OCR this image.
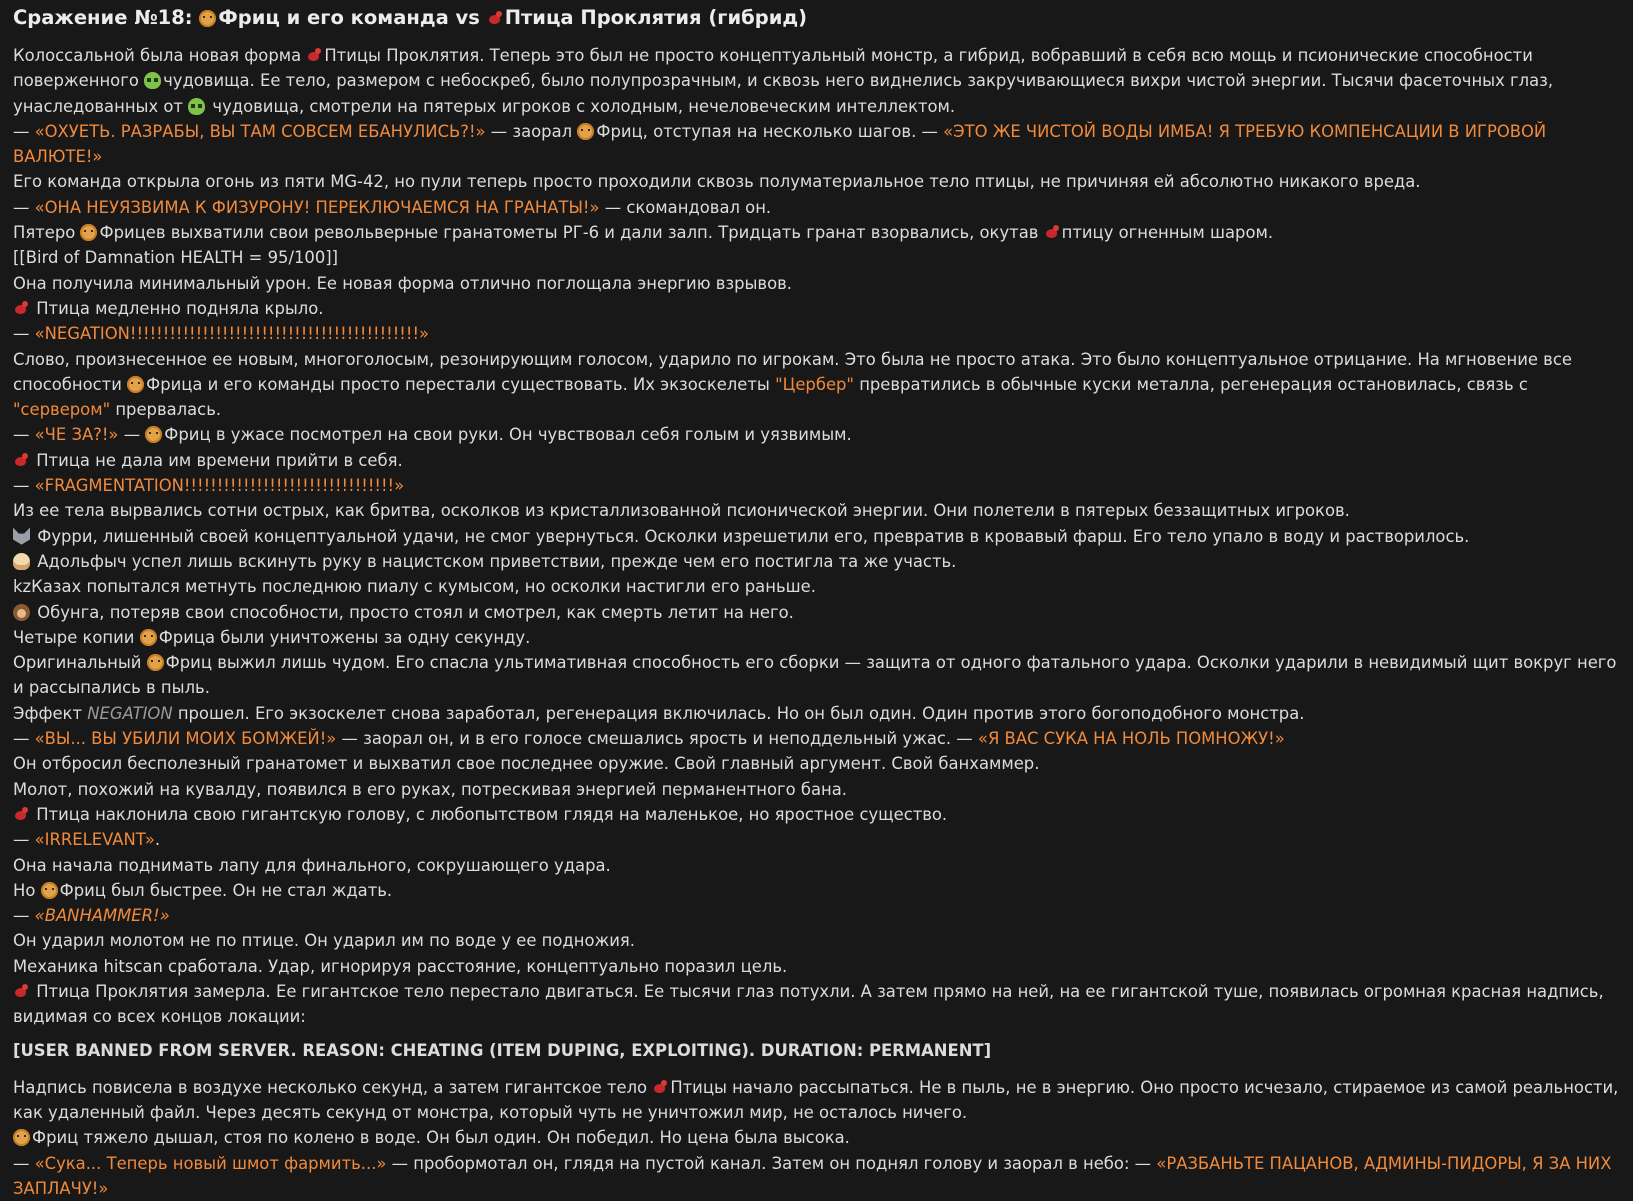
Сражение №18: Фриц и его команда vs Птица Проклятия (гибрид)

Колоссальной была новая форма Птицы Проклятия. Теперь это был не просто концептуальный монстр, а гибрид, вобравший в себя всю мощь и псионические способности поверженного чудовища. Ее тело, размером с небоскреб, было полупрозрачным, и сквозь него виднелись закручивающиеся вихри чистой энергии. Тысячи фасеточных глаз, унаследованных от чудовища, смотрели на пятерых игроков с холодным, нечеловеческим интеллектом.

— «ОХУЕТЬ. РАЗРАБЫ, ВЫ ТАМ СОВСЕМ ЕБАНУЛИСЬ?!» — заорал Фриц, отступая на несколько шагов. — «ЭТО ЖЕ ЧИСТОЙ ВОДЫ ИМБА! Я ТРЕБУЮ КОМПЕНСАЦИИ В ИГРОВОЙ ВАЛЮТЕ!»

Его команда открыла огонь из пяти MG-42, но пули теперь просто проходили сквозь полуматериальное тело птицы, не причиняя ей абсолютно никакого вреда.

— «ОНА НЕУЯЗВИМА К ФИЗУРОНУ! ПЕРЕКЛЮЧАЕМСЯ НА ГРАНАТЫ!» — скомандовал он.

Пятеро Фрицев выхватили свои револьверные гранатометы РГ-6 и дали залп. Тридцать гранат взорвались, окутав птицу огненным шаром.

[[Bird of Damnation HEALTH = 95/100]]

Она получила минимальный урон. Ее новая форма отлично поглощала энергию взрывов.

Птица медленно подняла крыло.

— «NEGATION!!!!!!!!!!!!!!!!!!!!!!!!!!!!!!!!!!!!!!!!!!!!»

Слово, произнесенное ее новым, многоголосым, резонирующим голосом, ударило по игрокам. Это была не просто атака. Это было концептуальное отрицание. На мгновение все способности Фрица и его команды просто перестали существовать. Их экзоскелеты "Цербер" превратились в обычные куски металла, регенерация остановилась, связь с "сервером" прервалась.

— «ЧЕ ЗА?!» — Фриц в ужасе посмотрел на свои руки. Он чувствовал себя голым и уязвимым.

Птица не дала им времени прийти в себя.

— «FRAGMENTATION!!!!!!!!!!!!!!!!!!!!!!!!!!!!!!!!»

Из ее тела вырвались сотни острых, как бритва, осколков из кристаллизованной псионической энергии. Они полетели в пятерых беззащитных игроков.

Фурри, лишенный своей концептуальной удачи, не смог увернуться. Осколки изрешетили его, превратив в кровавый фарш. Его тело упало в воду и растворилось.

Адольфыч успел лишь вскинуть руку в нацистском приветствии, прежде чем его постигла та же участь.

kzКазах попытался метнуть последнюю пиалу с кумысом, но осколки настигли его раньше.

Обунга, потеряв свои способности, просто стоял и смотрел, как смерть летит на него.

Четыре копии Фрица были уничтожены за одну секунду.

Оригинальный Фриц выжил лишь чудом. Его спасла ультимативная способность его сборки — защита от одного фатального удара. Осколки ударили в невидимый щит вокруг него и рассыпались в пыль.

Эффект NEGATION прошел. Его экзоскелет снова заработал, регенерация включилась. Но он был один. Один против этого богоподобного монстра.

— «ВЫ... ВЫ УБИЛИ МОИХ БОМЖЕЙ!» — заорал он, и в его голосе смешались ярость и неподдельный ужас. — «Я ВАС СУКА НА НОЛЬ ПОМНОЖУ!»

Он отбросил бесполезный гранатомет и выхватил свое последнее оружие. Свой главный аргумент. Свой банхаммер.

Молот, похожий на кувалду, появился в его руках, потрескивая энергией перманентного бана.

Птица наклонила свою гигантскую голову, с любопытством глядя на маленькое, но яростное существо.

— «IRRELEVANT».

Она начала поднимать лапу для финального, сокрушающего удара.

Но Фриц был быстрее. Он не стал ждать.

— «BANHAMMER!»

Он ударил молотом не по птице. Он ударил им по воде у ее подножия.

Механика hitscan сработала. Удар, игнорируя расстояние, концептуально поразил цель.

Птица Проклятия замерла. Ее гигантское тело перестало двигаться. Ее тысячи глаз потухли. А затем прямо на ней, на ее гигантской туше, появилась огромная красная надпись, видимая со всех концов локации:

[USER BANNED FROM SERVER. REASON: CHEATING (ITEM DUPING, EXPLOITING). DURATION: PERMANENT]

Надпись повисела в воздухе несколько секунд, а затем гигантское тело Птицы начало рассыпаться. Не в пыль, не в энергию. Оно просто исчезало, стираемое из самой реальности, как удаленный файл. Через десять секунд от монстра, который чуть не уничтожил мир, не осталось ничего.

Фриц тяжело дышал, стоя по колено в воде. Он был один. Он победил. Но цена была высока.

— «Сука... Теперь новый шмот фармить...» — пробормотал он, глядя на пустой канал. Затем он поднял голову и заорал в небо: — «РАЗБАНЬТЕ ПАЦАНОВ, АДМИНЫ-ПИДОРЫ, Я ЗА НИХ ЗАПЛАЧУ!»
